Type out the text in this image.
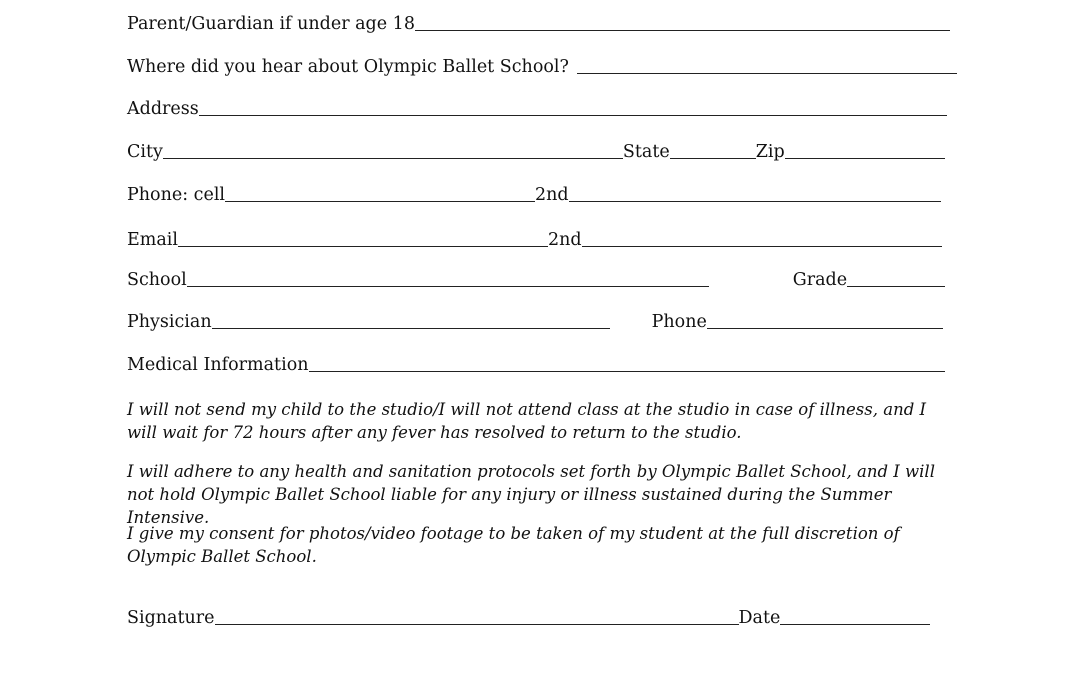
Parent/Guardian if under age 18
Where did you hear about Olympic Ballet School?
Address
City	State	Zip
Phone: cell	2nd
Email	2nd
School	Grade
Physician	Phone
Medical Information

I will not send my child to the studio/I will not attend class at the studio in case of illness, and I will wait for 72 hours after any fever has resolved to return to the studio.

I will adhere to any health and sanitation protocols set forth by Olympic Ballet School, and I will not hold Olympic Ballet School liable for any injury or illness sustained during the Summer Intensive.

I give my consent for photos/video footage to be taken of my student at the full discretion of Olympic Ballet School.

Signature	Date
